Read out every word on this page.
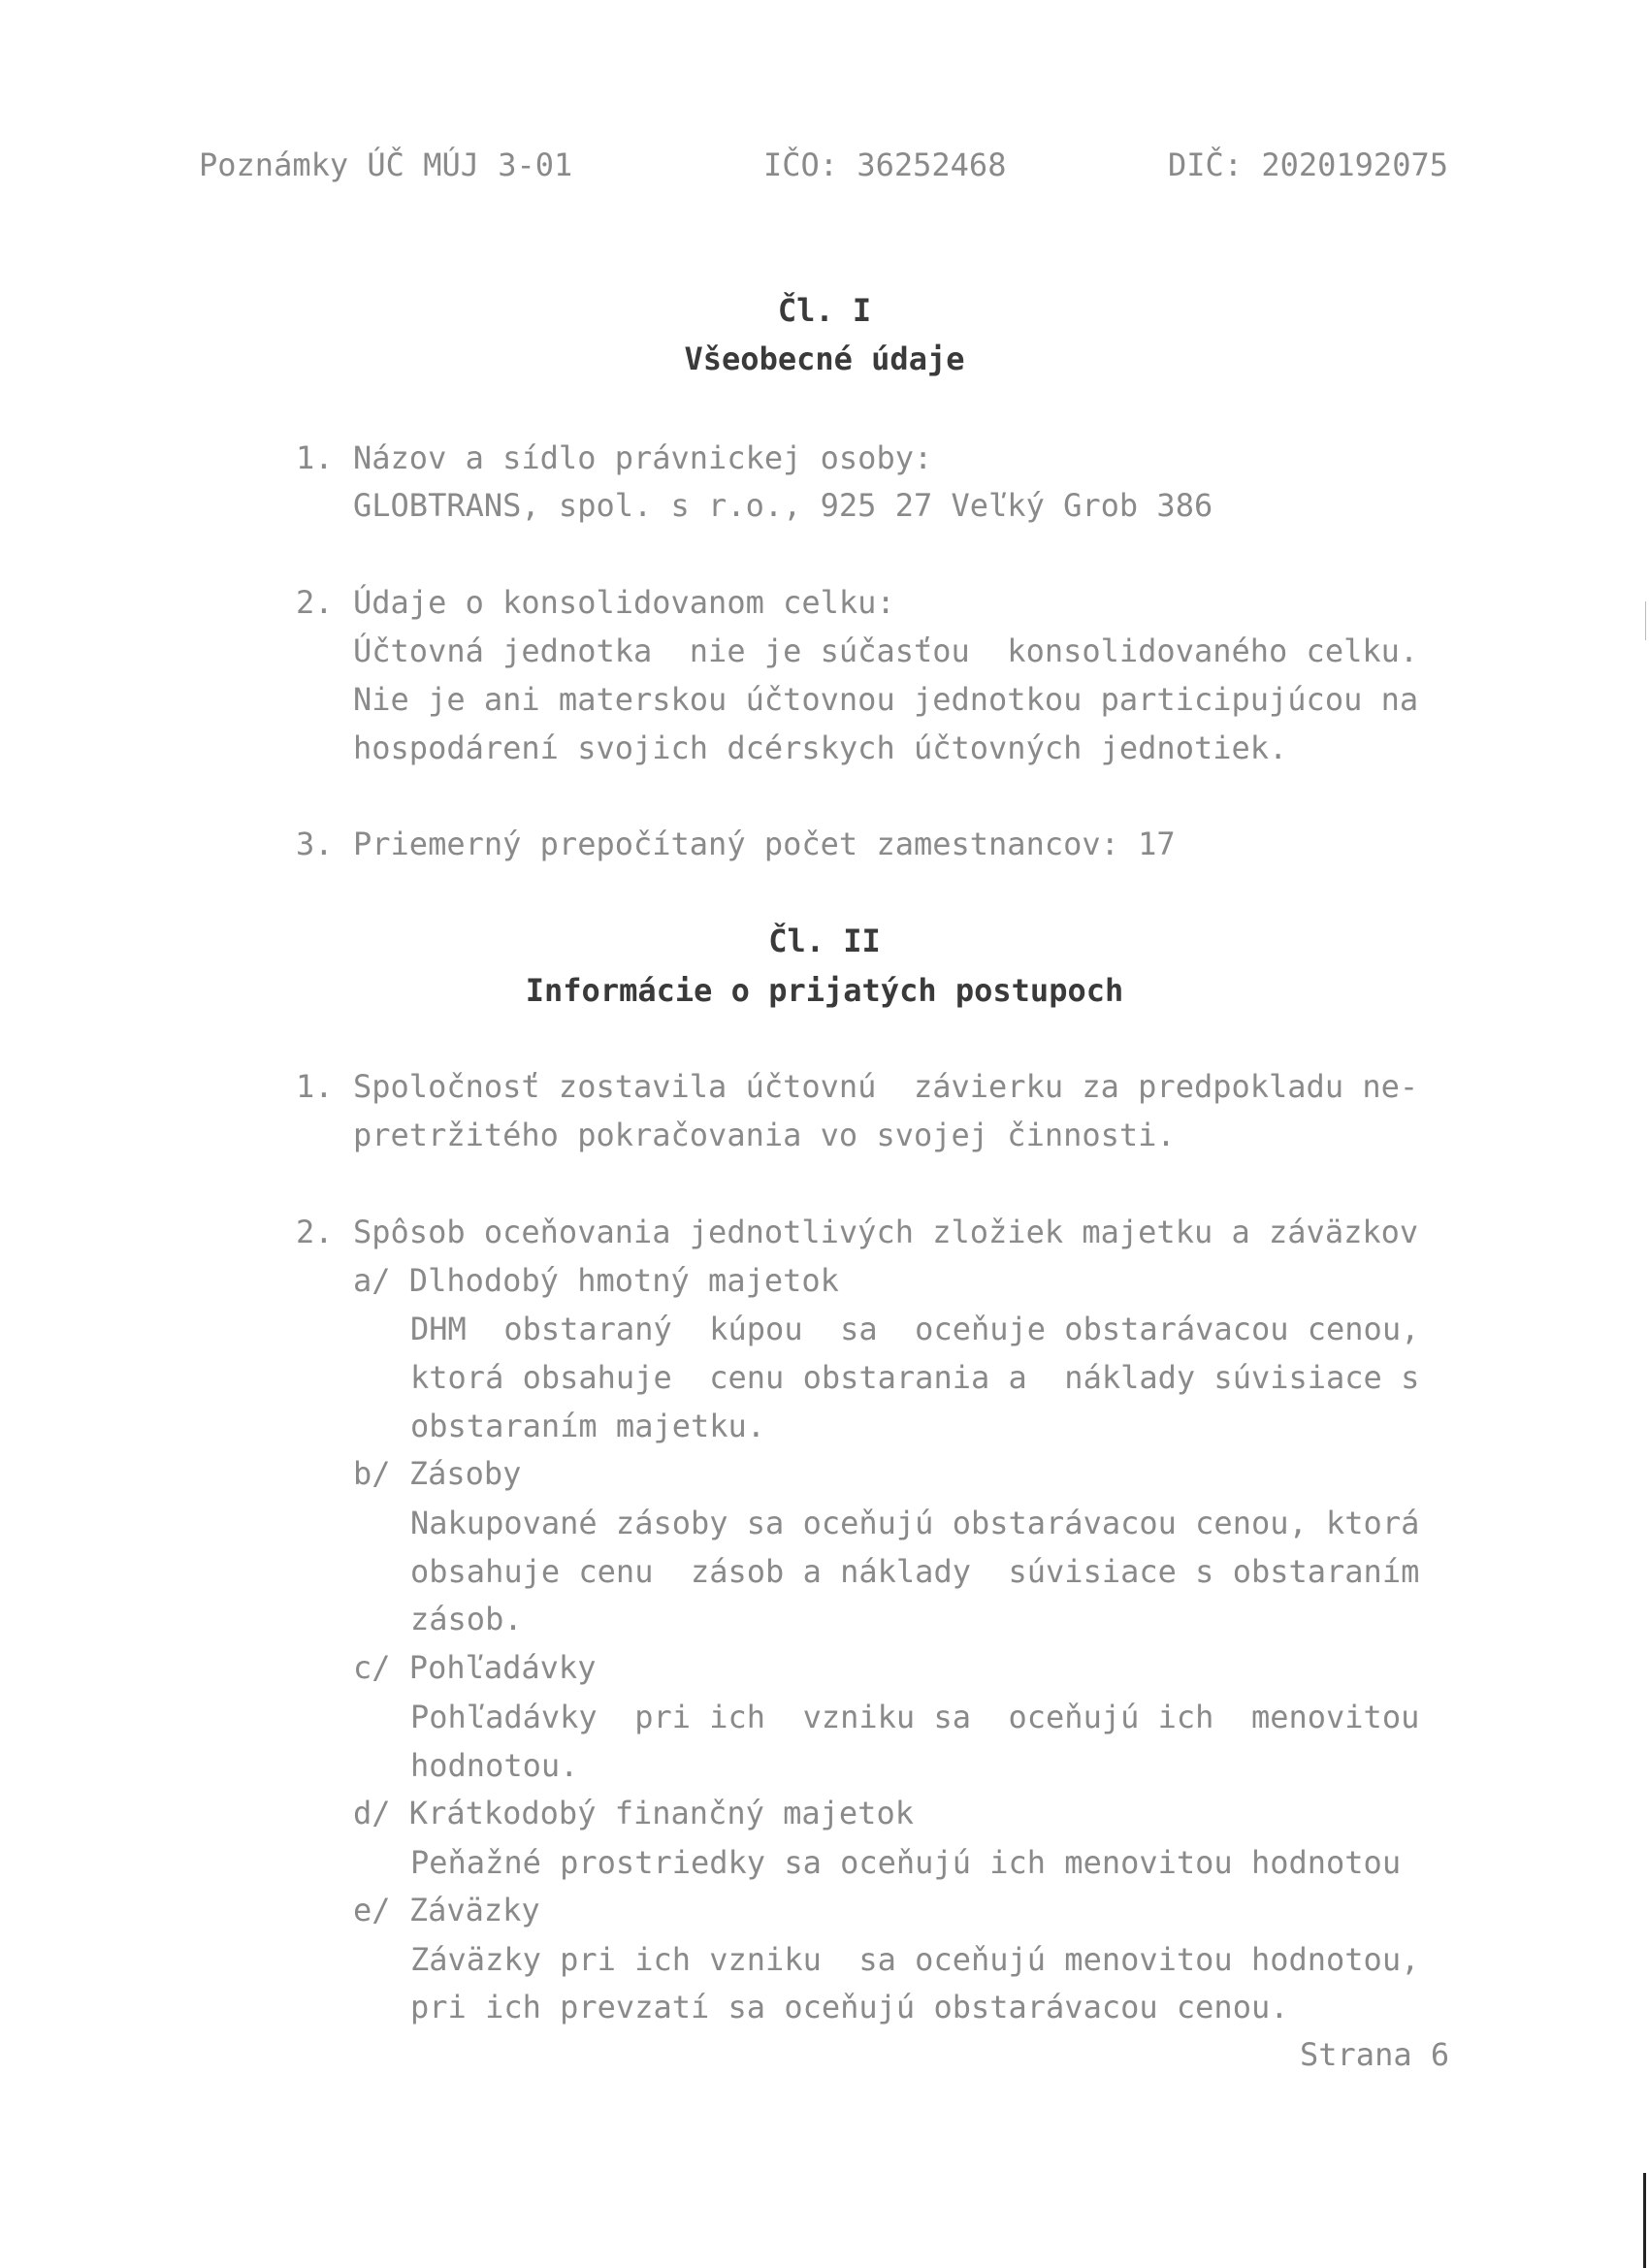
Poznámky ÚČ MÚJ 3-01	IČO: 36252468	DIČ: 2020192075
Čl. I
Všeobecné údaje
1. Názov a sídlo právnickej osoby:
GLOBTRANS, spol. s r.o., 925 27 Veľký Grob 386
2. Údaje o konsolidovanom celku:
Účtovná jednotka  nie je súčasťou  konsolidovaného celku.
Nie je ani materskou účtovnou jednotkou participujúcou na
hospodárení svojich dcérskych účtovných jednotiek.
3. Priemerný prepočítaný počet zamestnancov: 17
Čl. II
Informácie o prijatých postupoch
1. Spoločnosť zostavila účtovnú  závierku za predpokladu ne-
pretržitého pokračovania vo svojej činnosti.
2. Spôsob oceňovania jednotlivých zložiek majetku a záväzkov
a/ Dlhodobý hmotný majetok
DHM  obstaraný  kúpou  sa  oceňuje obstarávacou cenou,
ktorá obsahuje  cenu obstarania a  náklady súvisiace s
obstaraním majetku.
b/ Zásoby
Nakupované zásoby sa oceňujú obstarávacou cenou, ktorá
obsahuje cenu  zásob a náklady  súvisiace s obstaraním
zásob.
c/ Pohľadávky
Pohľadávky  pri ich  vzniku sa  oceňujú ich  menovitou
hodnotou.
d/ Krátkodobý finančný majetok
Peňažné prostriedky sa oceňujú ich menovitou hodnotou
e/ Záväzky
Záväzky pri ich vzniku  sa oceňujú menovitou hodnotou,
pri ich prevzatí sa oceňujú obstarávacou cenou.
Strana 6
